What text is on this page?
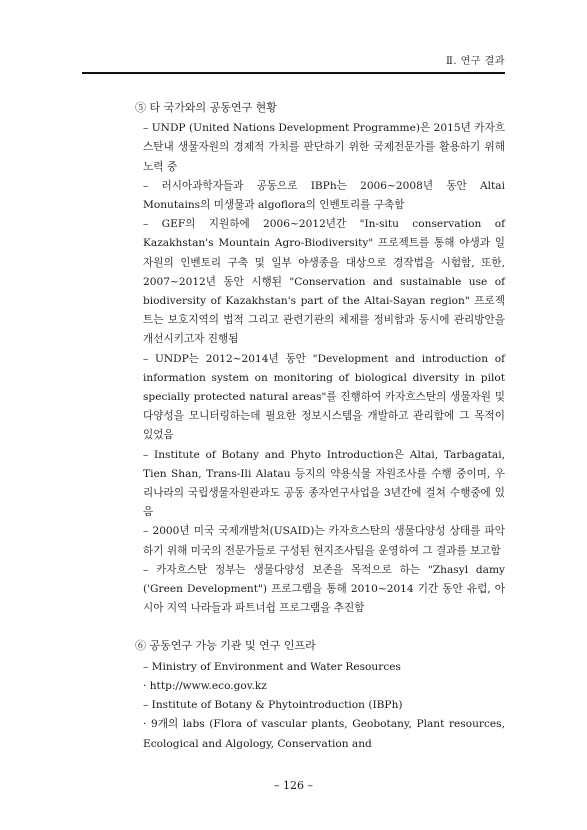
Ⅱ. 연구 결과
⑤ 타 국가와의 공동연구 현황

– UNDP (United Nations Development Programme)은 2015년 카자흐스탄내 생물자원의 경제적 가치를 판단하기 위한 국제전문가를 활용하기 위해 노력 중

– 러시아과학자들과 공동으로 IBPh는 2006~2008년 동안 Altai Monutains의 미생물과 algoflora의 인벤토리를 구축함

– GEF의 지원하에 2006~2012년간 "In-situ conservation of Kazakhstan's Mountain Agro-Biodiversity" 프로젝트를 통해 야생과 일자원의 인벤토리 구축 및 일부 야생종을 대상으로 경작법을 시험함, 또한, 2007~2012년 동안 시행된 "Conservation and sustainable use of biodiversity of Kazakhstan's part of the Altai-Sayan region" 프로젝트는 보호지역의 법적 그리고 관련기관의 체제를 정비함과 동시에 관리방안을 개선시키고자 진행됨

– UNDP는 2012~2014년 동안 "Development and introduction of information system on monitoring of biological diversity in pilot specially protected natural areas"를 진행하여 카자흐스탄의 생물자원 및 다양성을 모니터링하는데 필요한 정보시스템을 개발하고 관리함에 그 목적이 있었음

– Institute of Botany and Phyto Introduction은 Altai, Tarbagatai, Tien Shan, Trans-Ili Alatau 등지의 약용식물 자원조사를 수행 중이며, 우리나라의 국립생물자원관과도 공동 종자연구사업을 3년간에 걸쳐 수행중에 있음

– 2000년 미국 국제개발처(USAID)는 카자흐스탄의 생물다양성 상태를 파악하기 위해 미국의 전문가들로 구성된 현지조사팀을 운영하여 그 결과를 보고함

– 카자흐스탄 정부는 생물다양성 보존을 목적으로 하는 "Zhasyl damy ('Green Development") 프로그램을 통해 2010~2014 기간 동안 유럽, 아시아 지역 나라들과 파트너쉽 프로그램을 추진함

⑥ 공동연구 가능 기관 및 연구 인프라

– Ministry of Environment and Water Resources

· http://www.eco.gov.kz

– Institute of Botany & Phytointroduction (IBPh)

· 9개의 labs (Flora of vascular plants, Geobotany, Plant resources, Ecological and Algology, Conservation and

– 126 –
